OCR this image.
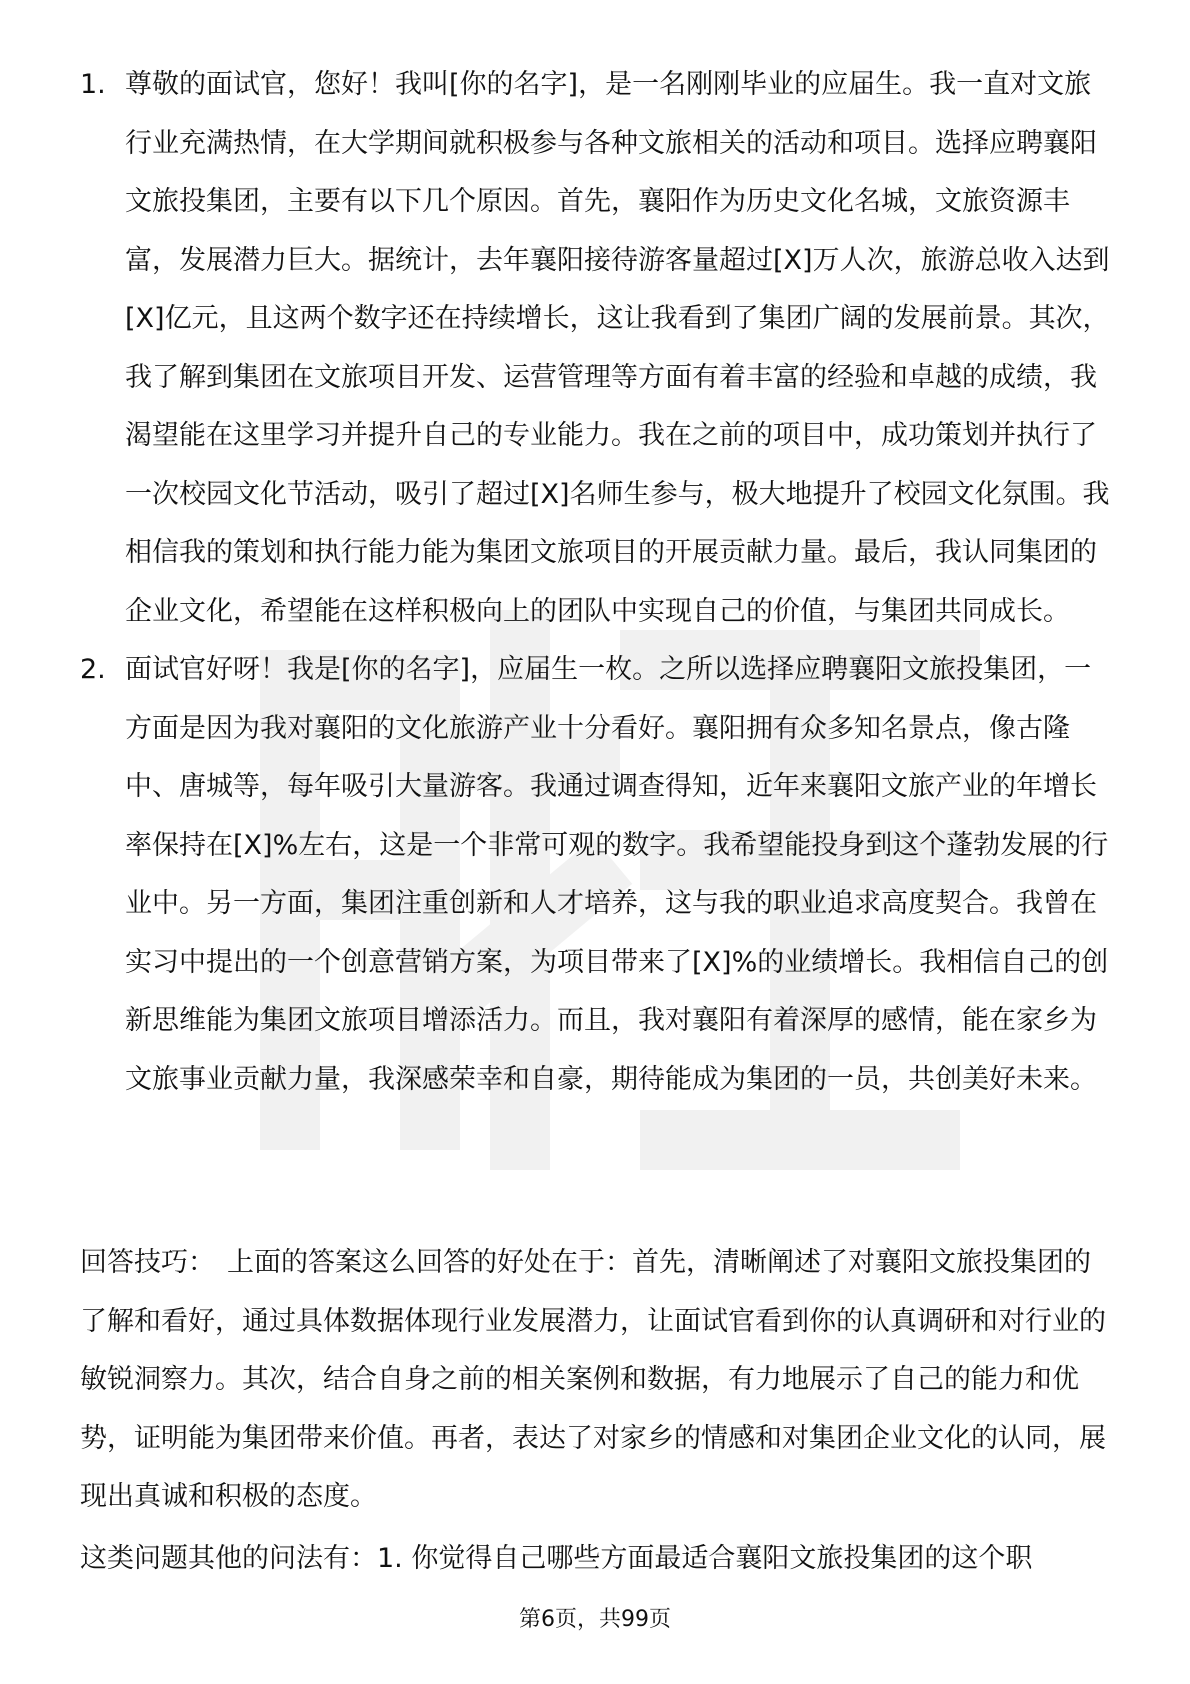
1. 尊敬的面试官，您好！我叫[你的名字]，是一名刚刚毕业的应届生。我一直对文旅行业充满热情，在大学期间就积极参与各种文旅相关的活动和项目。选择应聘襄阳文旅投集团，主要有以下几个原因。首先，襄阳作为历史文化名城，文旅资源丰富，发展潜力巨大。据统计，去年襄阳接待游客量超过[X]万人次，旅游总收入达到[X]亿元，且这两个数字还在持续增长，这让我看到了集团广阔的发展前景。其次，我了解到集团在文旅项目开发、运营管理等方面有着丰富的经验和卓越的成绩，我渴望能在这里学习并提升自己的专业能力。我在之前的项目中，成功策划并执行了一次校园文化节活动，吸引了超过[X]名师生参与，极大地提升了校园文化氛围。我相信我的策划和执行能力能为集团文旅项目的开展贡献力量。最后，我认同集团的企业文化，希望能在这样积极向上的团队中实现自己的价值，与集团共同成长。
2. 面试官好呀！我是[你的名字]，应届生一枚。之所以选择应聘襄阳文旅投集团，一方面是因为我对襄阳的文化旅游产业十分看好。襄阳拥有众多知名景点，像古隆中、唐城等，每年吸引大量游客。我通过调查得知，近年来襄阳文旅产业的年增长率保持在[X]%左右，这是一个非常可观的数字。我希望能投身到这个蓬勃发展的行业中。另一方面，集团注重创新和人才培养，这与我的职业追求高度契合。我曾在实习中提出的一个创意营销方案，为项目带来了[X]%的业绩增长。我相信自己的创新思维能为集团文旅项目增添活力。而且，我对襄阳有着深厚的感情，能在家乡为文旅事业贡献力量，我深感荣幸和自豪，期待能成为集团的一员，共创美好未来。

回答技巧： 上面的答案这么回答的好处在于：首先，清晰阐述了对襄阳文旅投集团的了解和看好，通过具体数据体现行业发展潜力，让面试官看到你的认真调研和对行业的敏锐洞察力。其次，结合自身之前的相关案例和数据，有力地展示了自己的能力和优势，证明能为集团带来价值。再者，表达了对家乡的情感和对集团企业文化的认同，展现出真诚和积极的态度。

这类问题其他的问法有：1. 你觉得自己哪些方面最适合襄阳文旅投集团的这个职

第6页，共99页
